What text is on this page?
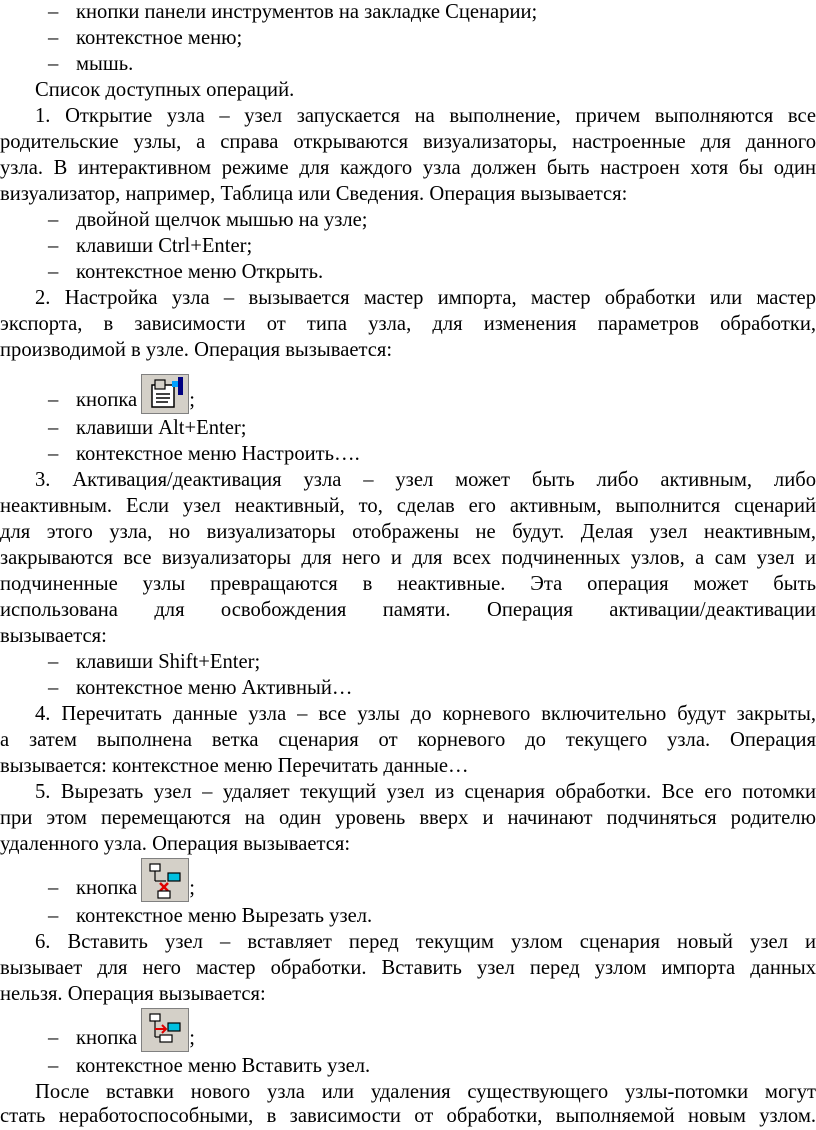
– кнопки панели инструментов на закладке Сценарии;
– контекстное меню;
– мышь.
Список доступных операций.
1. Открытие узла – узел запускается на выполнение, причем выполняются все
родительские узлы, а справа открываются визуализаторы, настроенные для данного
узла. В интерактивном режиме для каждого узла должен быть настроен хотя бы один
визуализатор, например, Таблица или Сведения. Операция вызывается:
– двойной щелчок мышью на узле;
– клавиши Ctrl+Enter;
– контекстное меню Открыть.
2. Настройка узла – вызывается мастер импорта, мастер обработки или мастер
экспорта, в зависимости от типа узла, для изменения параметров обработки,
производимой в узле. Операция вызывается:
– кнопка	;
– клавиши Alt+Enter;
– контекстное меню Настроить….
3. Активация/деактивация узла – узел может быть либо активным, либо
неактивным. Если узел неактивный, то, сделав его активным, выполнится сценарий
для этого узла, но визуализаторы отображены не будут. Делая узел неактивным,
закрываются все визуализаторы для него и для всех подчиненных узлов, а сам узел и
подчиненные узлы превращаются в неактивные. Эта операция может быть
использована для освобождения памяти. Операция активации/деактивации
вызывается:
– клавиши Shift+Enter;
– контекстное меню Активный…
4. Перечитать данные узла – все узлы до корневого включительно будут закрыты,
а затем выполнена ветка сценария от корневого до текущего узла. Операция
вызывается: контекстное меню Перечитать данные…
5. Вырезать узел – удаляет текущий узел из сценария обработки. Все его потомки
при этом перемещаются на один уровень вверх и начинают подчиняться родителю
удаленного узла. Операция вызывается:
– кнопка	;
– контекстное меню Вырезать узел.
6. Вставить узел – вставляет перед текущим узлом сценария новый узел и
вызывает для него мастер обработки. Вставить узел перед узлом импорта данных
нельзя. Операция вызывается:
– кнопка	;
– контекстное меню Вставить узел.
После вставки нового узла или удаления существующего узлы-потомки могут
стать неработоспособными, в зависимости от обработки, выполняемой новым узлом.
